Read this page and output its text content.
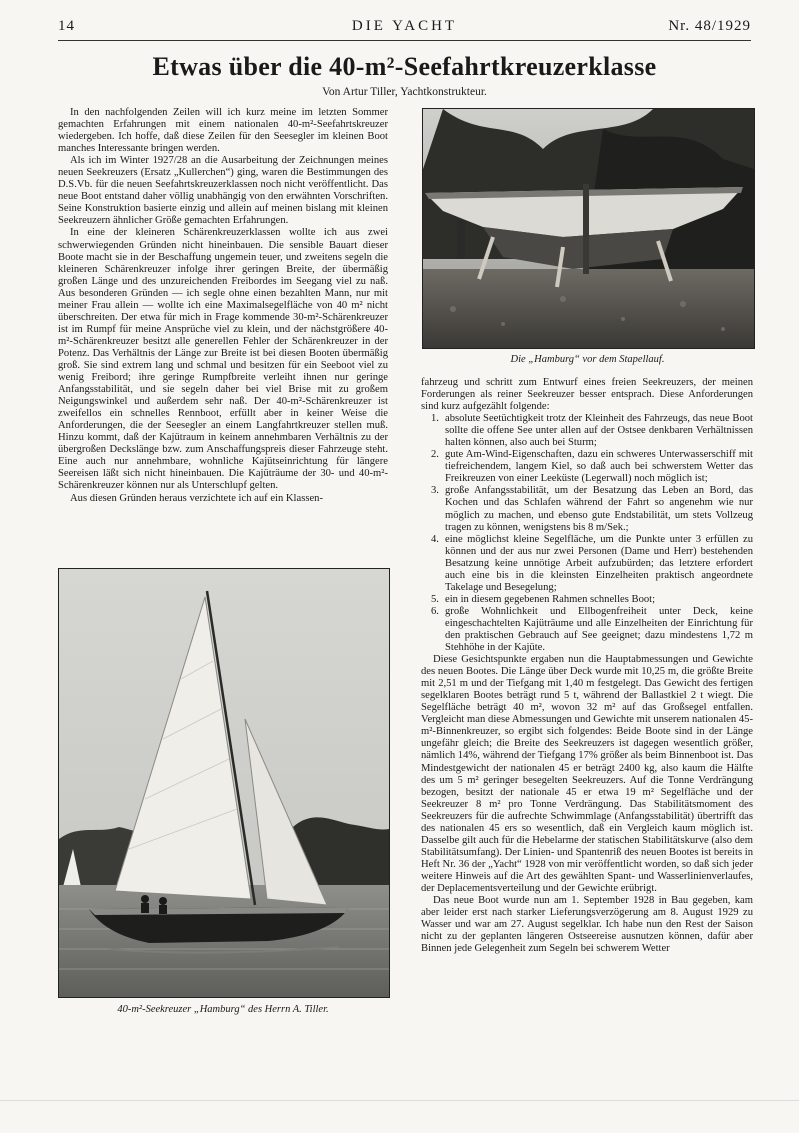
14	DIE YACHT	Nr. 48/1929
Etwas über die 40-m²-Seefahrtkreuzerklasse
Von Artur Tiller, Yachtkonstrukteur.

In den nachfolgenden Zeilen will ich kurz meine im letzten Sommer gemachten Erfahrungen mit einem nationalen 40-m²-Seefahrtskreuzer wiedergeben. Ich hoffe, daß diese Zeilen für den Seesegler im kleinen Boot manches Interessante bringen werden.

Als ich im Winter 1927/28 an die Ausarbeitung der Zeichnungen meines neuen Seekreuzers (Ersatz „Kullerchen“) ging, waren die Bestimmungen des D.S.Vb. für die neuen Seefahrtskreuzerklassen noch nicht veröffentlicht. Das neue Boot entstand daher völlig unabhängig von den erwähnten Vorschriften. Seine Konstruktion basierte einzig und allein auf meinen bislang mit kleinen Seekreuzern ähnlicher Größe gemachten Erfahrungen.

In eine der kleineren Schärenkreuzerklassen wollte ich aus zwei schwerwiegenden Gründen nicht hineinbauen. Die sensible Bauart dieser Boote macht sie in der Beschaffung ungemein teuer, und zweitens segeln die kleineren Schärenkreuzer infolge ihrer geringen Breite, der übermäßig großen Länge und des unzureichenden Freibordes im Seegang viel zu naß. Aus besonderen Gründen — ich segle ohne einen bezahlten Mann, nur mit meiner Frau allein — wollte ich eine Maximalsegelfläche von 40 m² nicht überschreiten. Der etwa für mich in Frage kommende 30-m²-Schärenkreuzer ist im Rumpf für meine Ansprüche viel zu klein, und der nächstgrößere 40-m²-Schärenkreuzer besitzt alle generellen Fehler der Schärenkreuzer in der Potenz. Das Verhältnis der Länge zur Breite ist bei diesen Booten übermäßig groß. Sie sind extrem lang und schmal und besitzen für ein Seeboot viel zu wenig Freibord; ihre geringe Rumpfbreite verleiht ihnen nur geringe Anfangsstabilität, und sie segeln daher bei viel Brise mit zu großem Neigungswinkel und außerdem sehr naß. Der 40-m²-Schärenkreuzer ist zweifellos ein schnelles Rennboot, erfüllt aber in keiner Weise die Anforderungen, die der Seesegler an einem Langfahrtkreuzer stellen muß. Hinzu kommt, daß der Kajütraum in keinem annehmbaren Verhältnis zu der übergroßen Deckslänge bzw. zum Anschaffungspreis dieser Fahrzeuge steht. Eine auch nur annehmbare, wohnliche Kajütseinrichtung für längere Seereisen läßt sich nicht hineinbauen. Die Kajüträume der 30- und 40-m²-Schärenkreuzer können nur als Unterschlupf gelten.

Aus diesen Gründen heraus verzichtete ich auf ein Klassen-

Die „Hamburg“ vor dem Stapellauf.

fahrzeug und schritt zum Entwurf eines freien Seekreuzers, der meinen Forderungen als reiner Seekreuzer besser entsprach. Diese Anforderungen sind kurz aufgezählt folgende:

1. absolute Seetüchtigkeit trotz der Kleinheit des Fahrzeugs, das neue Boot sollte die offene See unter allen auf der Ostsee denkbaren Verhältnissen halten können, also auch bei Sturm;
2. gute Am-Wind-Eigenschaften, dazu ein schweres Unterwasserschiff mit tiefreichendem, langem Kiel, so daß auch bei schwerstem Wetter das Freikreuzen von einer Leeküste (Legerwall) noch möglich ist;
3. große Anfangsstabilität, um der Besatzung das Leben an Bord, das Kochen und das Schlafen während der Fahrt so angenehm wie nur möglich zu machen, und ebenso gute Endstabilität, um stets Vollzeug tragen zu können, wenigstens bis 8 m/Sek.;
4. eine möglichst kleine Segelfläche, um die Punkte unter 3 erfüllen zu können und der aus nur zwei Personen (Dame und Herr) bestehenden Besatzung keine unnötige Arbeit aufzubürden; das letztere erfordert auch eine bis in die kleinsten Einzelheiten praktisch angeordnete Takelage und Besegelung;
5. ein in diesem gegebenen Rahmen schnelles Boot;
6. große Wohnlichkeit und Ellbogenfreiheit unter Deck, keine eingeschachtelten Kajüträume und alle Einzelheiten der Einrichtung für den praktischen Gebrauch auf See geeignet; dazu mindestens 1,72 m Stehhöhe in der Kajüte.

Diese Gesichtspunkte ergaben nun die Hauptabmessungen und Gewichte des neuen Bootes. Die Länge über Deck wurde mit 10,25 m, die größte Breite mit 2,51 m und der Tiefgang mit 1,40 m festgelegt. Das Gewicht des fertigen segelklaren Bootes beträgt rund 5 t, während der Ballastkiel 2 t wiegt. Die Segelfläche beträgt 40 m², wovon 32 m² auf das Großsegel entfallen. Vergleicht man diese Abmessungen und Gewichte mit unserem nationalen 45-m²-Binnenkreuzer, so ergibt sich folgendes: Beide Boote sind in der Länge ungefähr gleich; die Breite des Seekreuzers ist dagegen wesentlich größer, nämlich 14%, während der Tiefgang 17% größer als beim Binnenboot ist. Das Mindestgewicht der nationalen 45 er beträgt 2400 kg, also kaum die Hälfte des um 5 m² geringer besegelten Seekreuzers. Auf die Tonne Verdrängung bezogen, besitzt der nationale 45 er etwa 19 m² Segelfläche und der Seekreuzer 8 m² pro Tonne Verdrängung. Das Stabilitätsmoment des Seekreuzers für die aufrechte Schwimmlage (Anfangsstabilität) übertrifft das des nationalen 45 ers so wesentlich, daß ein Vergleich kaum möglich ist. Dasselbe gilt auch für die Hebelarme der statischen Stabilitätskurve (also dem Stabilitätsumfang). Der Linien- und Spantenriß des neuen Bootes ist bereits in Heft Nr. 36 der „Yacht“ 1928 von mir veröffentlicht worden, so daß sich jeder weitere Hinweis auf die Art des gewählten Spant- und Wasserlinienverlaufes, der Deplacementsverteilung und der Gewichte erübrigt.

Das neue Boot wurde nun am 1. September 1928 in Bau gegeben, kam aber leider erst nach starker Lieferungsverzögerung am 8. August 1929 zu Wasser und war am 27. August segelklar. Ich habe nun den Rest der Saison nicht zu der geplanten längeren Ostseereise ausnutzen können, dafür aber Binnen jede Gelegenheit zum Segeln bei schwerem Wetter

40-m²-Seekreuzer „Hamburg“ des Herrn A. Tiller.
